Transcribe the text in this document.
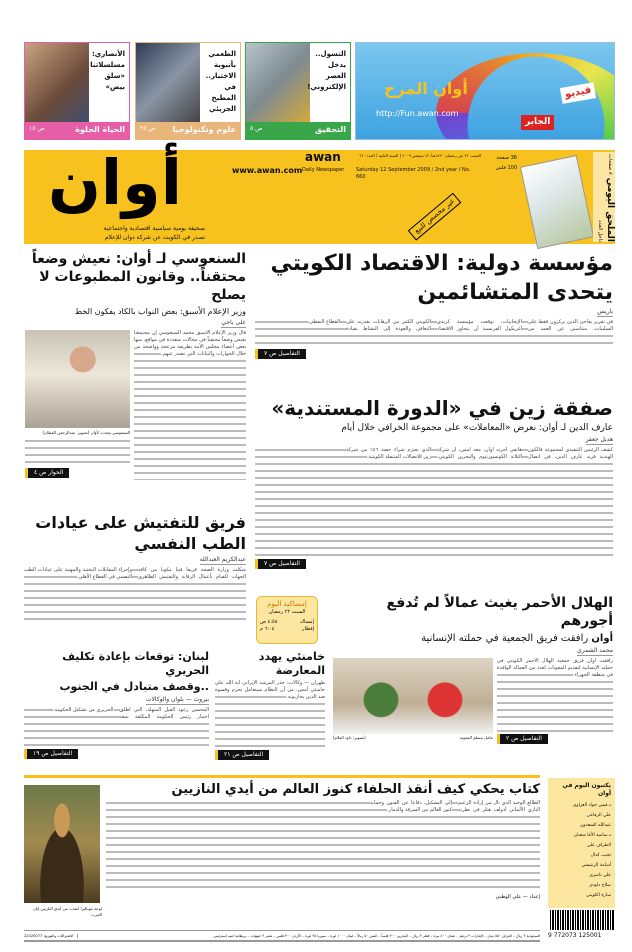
الأنصاري: مسلسلاتنا «سلق بيض»
الحياة الحلوة
ص ١٥
الطعمي بأنبوبة الاختبار.. في المطبخ الجزيئي
علوم وتكنولوجيا
ص ٢٥
التسول.. يدخل العصر الإلكتروني!
التحقيق
ص ٥
أوان المرح
http://Fun.awan.com
فيديو
الجابر
أوان
صحيفة يومية سياسية اقتصادية واجتماعية
تصدر في الكويت عن شركة دوان للإعلام
www.awan.com
awan
Daily Newspaper
السبت ٢٢ من رمضان ١٤٣٠هـ/ ١٢ سبتمبر ٢٠٠٩ | السنة الثانية / العدد ٦٦٠
Saturday 12 September 2009 / 2nd year / No. 660
36 صفحة
100 فلس
غير مخصص للبيع	الملحق اليومي ٨ صفحات داخل العدد
مؤسسة دولية: الاقتصاد الكويتي
يتحدى المتشائمين
باريس
في تقرير يفاجئ الذين يركزون فقط على السلبيات، متناسين عن العمد من الإيجابيات، توقعت مؤسسة كريدي أغريكول الفرنسية أن يتجاوز الاقتصاد الكويتي الكثير من الرهانات بقدرته على التعافي والعودة إلى النشاط بقيادة القطاع النفطي.
التفاصيل ص ٧
السنعوسي لـ أوان: نعيش وضعاً محتقناً.. وقانون المطبوعات لا يصلح
وزير الإعلام الأسبق: بعض النواب بالكاد يفكون الخط
على باجي
قال وزير الإعلام الأسبق محمد السنعوسي إن مجتمعنا يعيش وضعاً محتقناً في مجالات متعددة في مواقع، منها بعض أعضاء مجلس الأمة بطريقة مزعجة وواضحة من خلال الحوارات والبيانات التي تصدر عنهم.
السنعوسي يتحدث لأوان (تصوير: عبدالرحمن القطان)
الحوار ص ٤
صفقة زين في «الدورة المستندية»
عارف الدين لـ أوان: نعرض «المعاملات» على مجموعة الخرافي خلال أيام
هديل جعفر
كشف الرئيس التنفيذي لمجموعة فالكون الهندية فريد عارف الدين، في اتصال هاتفي أجرته أوان، معه أمس، أن شركة الثلاثة الكونسورتيوم والبحرين الكويتي، الذي يعتزم شراء حصة ٤٦٪ من شركة زين للاتصالات المتنقلة الكويتية.
التفاصيل ص ٧
فريق للتفتيش على عيادات الطب النفسي
عبدالكريم العبدالله
شكلت وزارة الصحة فريقاً فنياً مكوناً من كافة الجهات للقيام بأعمال الرقابة والتفتيش الظاهري وإجراء المقابلات البحثية والمهنية على عيادات الطب النفسي في القطاع الأهلي.
إمساكية اليوم
السبت ٢٢ رمضان
إمساك
٤:٥٨ ص
إفطار
٦:٠٤ م
الهلال الأحمر يغيث عمالاً لم تُدفع أجورهم
أوان رافقت فريق الجمعية في حملته الإنسانية
محمد الشمري
رافقت أوان فريق جمعية الهلال الأحمر الكويتي في حملته الإنسانية لتقديم المعونات لعدد من العمالة الوافدة في منطقة الجهراء.
التفاصيل ص ٢
عامل يتسلم المعونة
(تصوير: داود العلام)
خامنئي يهدد المعارضة
طهران — وكالات: حذر المرشد الإيراني آية الله علي خامنئي أمس، من أن النظام سيتعامل بحزم وقسوة ضد الذين يحاربونه.
التفاصيل ص ٢١
لبنان: توقعات بإعادة تكليف الحريري
..وقصف متبادل في الجنوب
بيروت — بلوان والوكالات
المحسن رعود القبل المتهلة، التي اطلق اختيار رئيس الحكومة المكلفة سعد الحريري من تشكيل الحكومة.
التفاصيل ص ١٩
لوحة موناليزا انقذت من أيدي النازيين إبان الحرب
كتاب يحكي كيف أنقذ الحلفاء كنوز العالم من أيدي النازيين
الطالع الوحيد الذي نال من إرادة الزعيم النازي الألماني أدولف هتلر في نظرته إلى التشكيل، دفاعاً عن الفنون وحماية كنوز العالم من السرقة والدمار.
إعداد — علي الوطني
يكتبون اليوم في أوان
د.قيس جواد العزاوي
علي الرفاعي
عبدالله السعدون
د.سامية الأغا شعبان
الطراف علي
نجيب كدال
أسامة الرنتيسي
علي ناصري
صلاح داودي
سارة الكويني
9 772073 125001
السعودية ٣ ريال – العراق ٥٥٠ دينار – الإمارات ٣ درهم – عمان ٤٠٠ بيزة – قطر ٣ ريال – البحرين ٣٠٠ فلساً – اليمن ٥٠ ريالاً – لبنان ١٠٠٠ ليرة – سوريا ٢٥ ليرة – الأردن ٣٠٠ فلس – مصر ٣ جنيهات – بريطانيا جنيه إسترليني
الاشتراكات والتوزيع: 22420077
